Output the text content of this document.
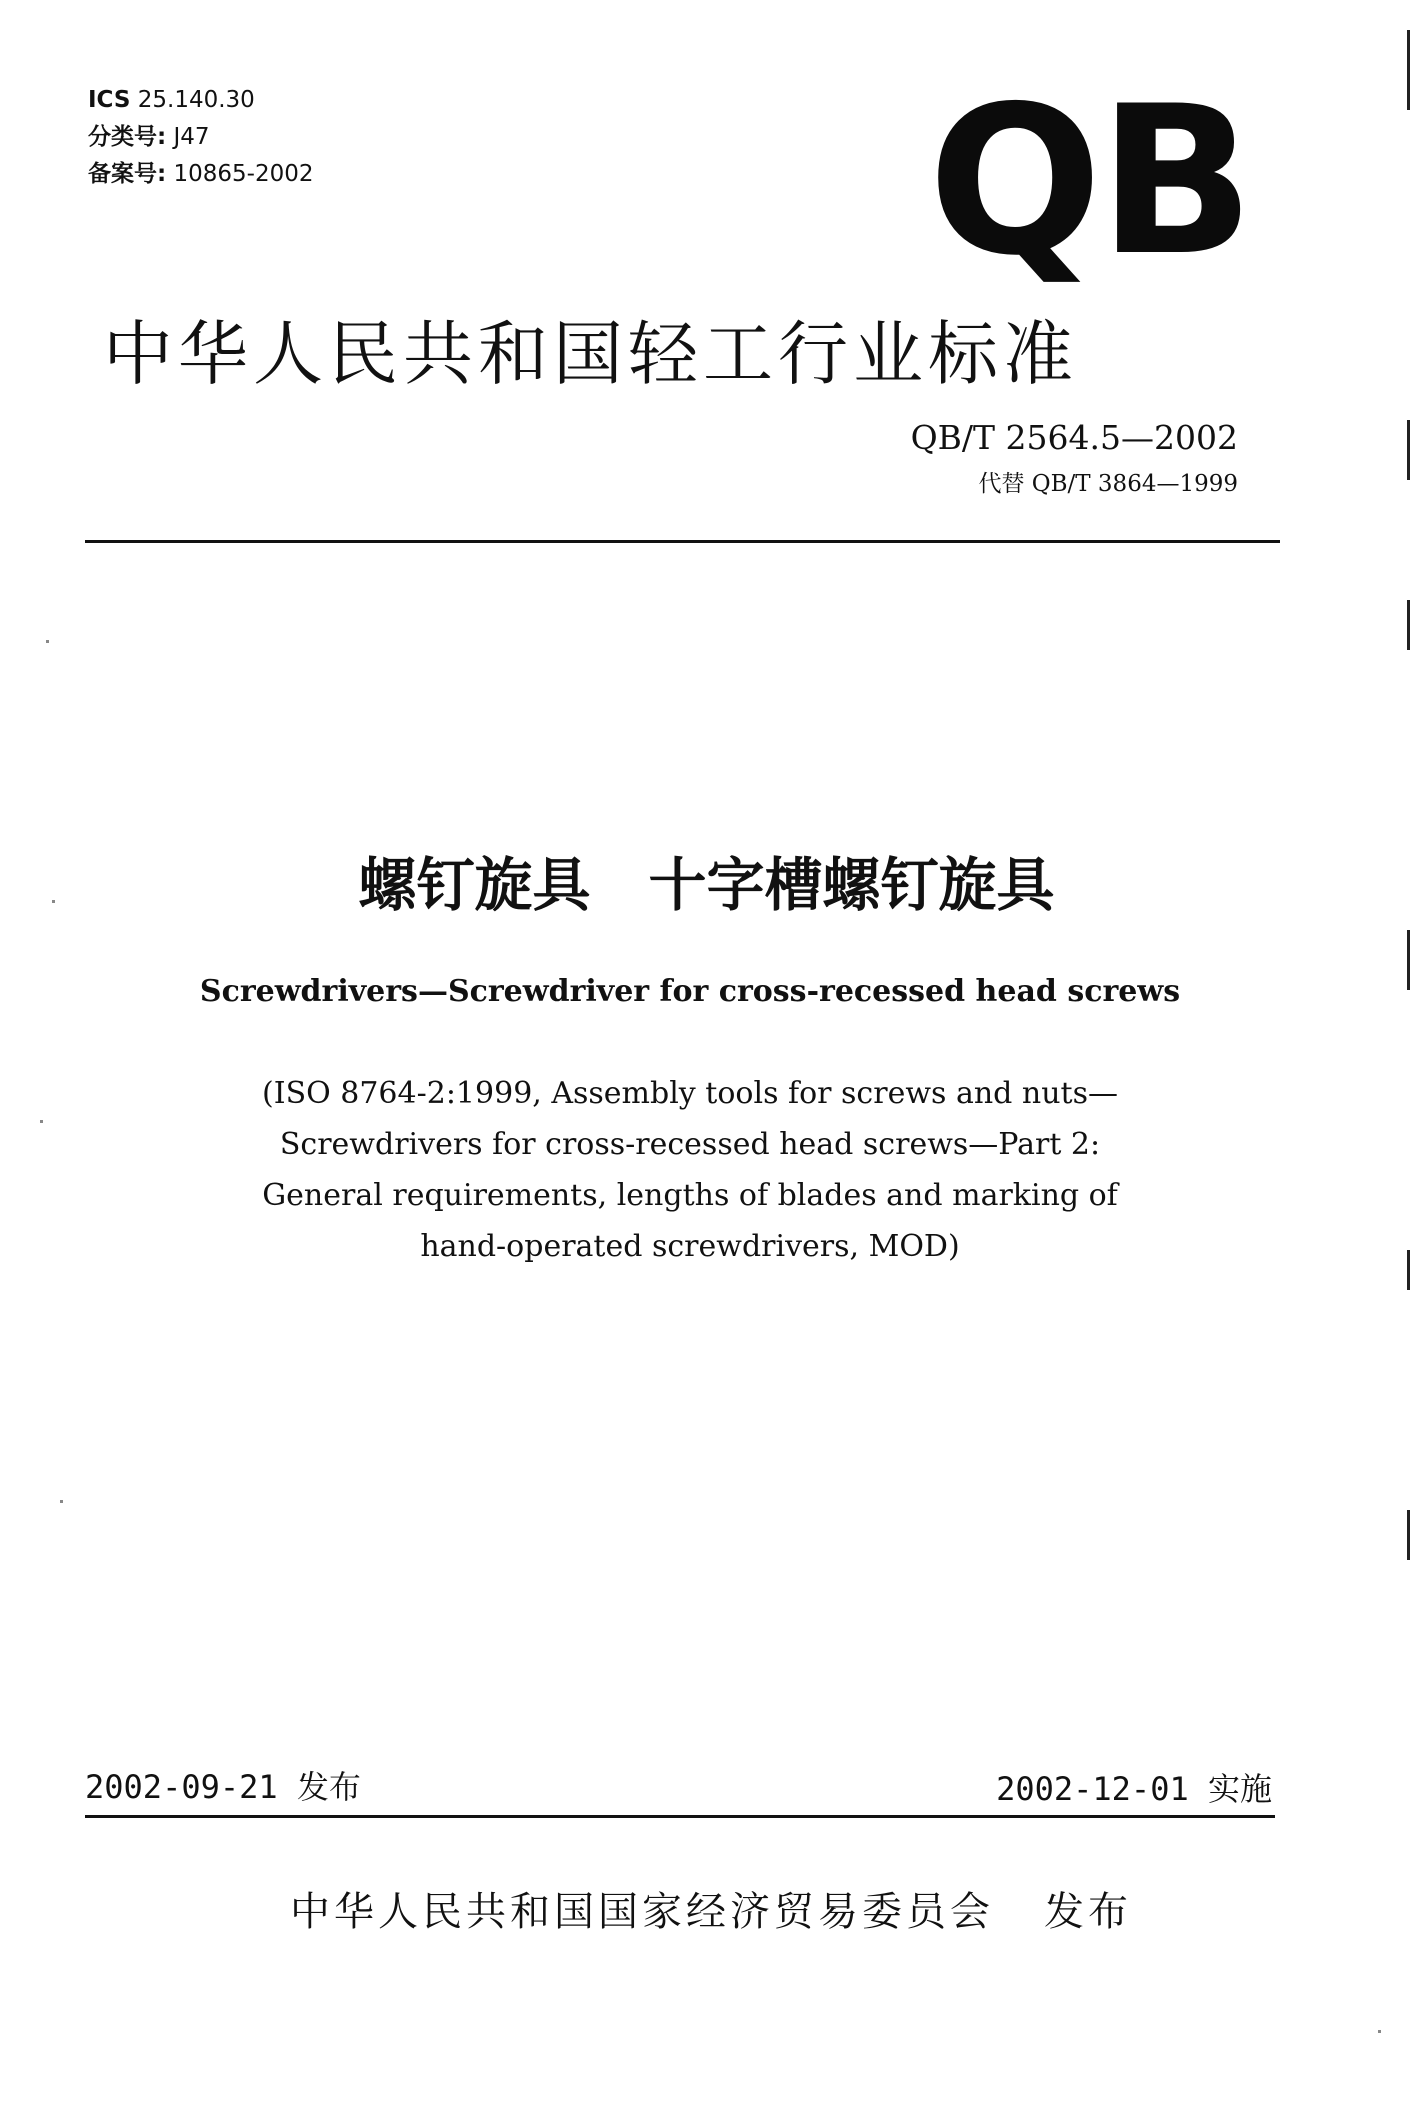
ICS 25.140.30
分类号: J47
备案号: 10865-2002	QB
中华人民共和国轻工行业标准
QB/T 2564.5—2002
代替 QB/T 3864—1999
螺钉旋具　十字槽螺钉旋具
Screwdrivers—Screwdriver for cross-recessed head screws
(ISO 8764-2:1999, Assembly tools for screws and nuts—
Screwdrivers for cross-recessed head screws—Part 2:
General requirements, lengths of blades and marking of
hand-operated screwdrivers, MOD)
2002-09-21 发布	2002-12-01 实施
中华人民共和国国家经济贸易委员会 发布
